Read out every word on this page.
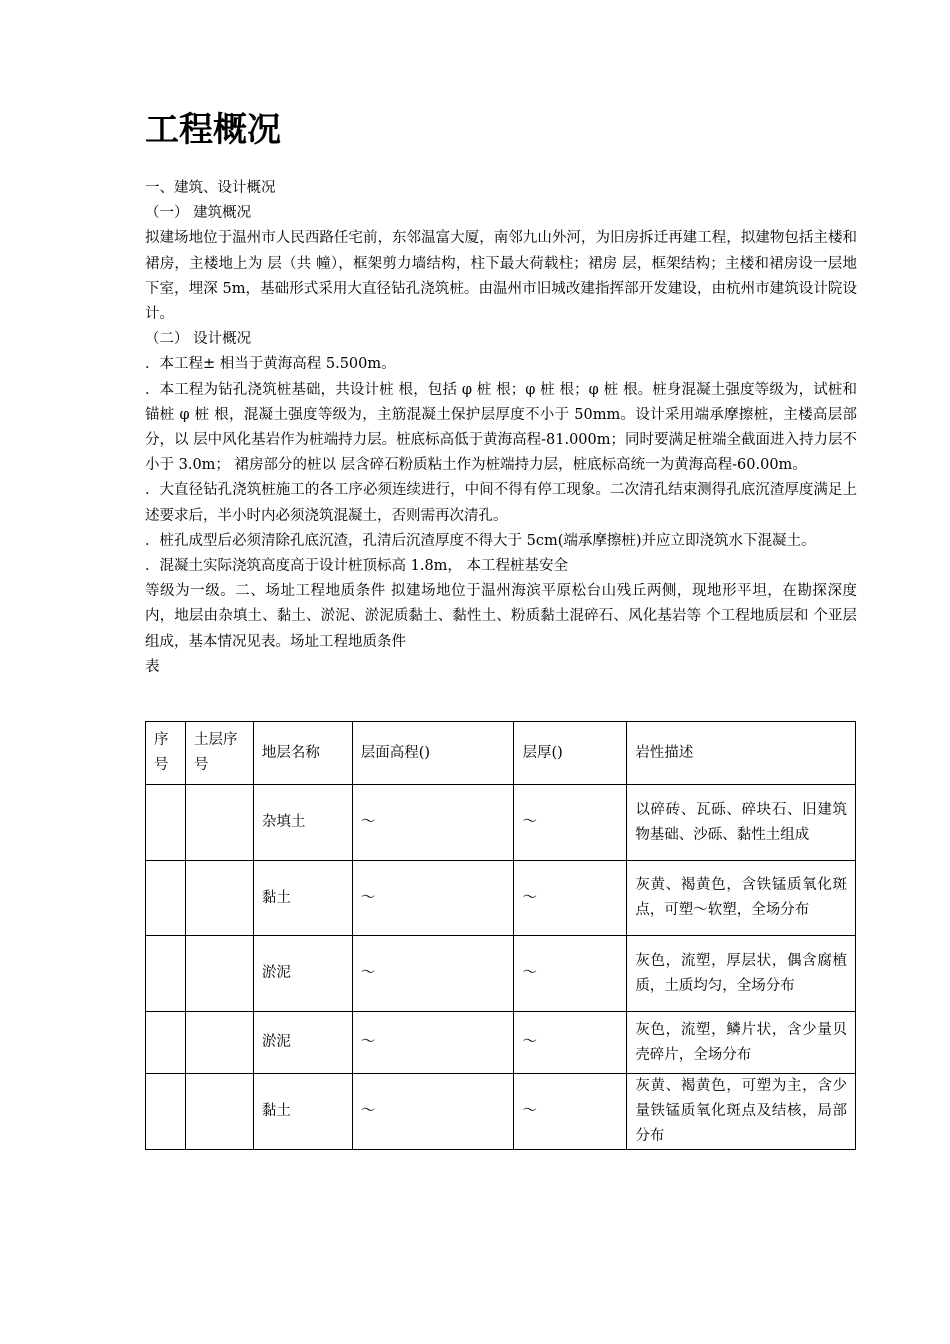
工程概况

一、建筑、设计概况

（一） 建筑概况

拟建场地位于温州市人民西路任宅前，东邻温富大厦，南邻九山外河，为旧房拆迁再建工程，拟建物包括主楼和裙房，主楼地上为 层（共 幢），框架剪力墙结构，柱下最大荷载柱；裙房 层，框架结构；主楼和裙房设一层地下室，埋深 5m，基础形式采用大直径钻孔浇筑桩。由温州市旧城改建指挥部开发建设，由杭州市建筑设计院设计。

（二） 设计概况

．本工程± 相当于黄海高程 5.500m。

．本工程为钻孔浇筑桩基础，共设计桩 根，包括 φ 桩 根；φ 桩 根；φ 桩 根。桩身混凝土强度等级为，试桩和锚桩 φ 桩 根，混凝土强度等级为，主筋混凝土保护层厚度不小于 50mm。设计采用端承摩擦桩，主楼高层部分，以 层中风化基岩作为桩端持力层。桩底标高低于黄海高程-81.000m；同时要满足桩端全截面进入持力层不小于 3.0m； 裙房部分的桩以 层含碎石粉质粘土作为桩端持力层，桩底标高统一为黄海高程-60.00m。

．大直径钻孔浇筑桩施工的各工序必须连续进行，中间不得有停工现象。二次清孔结束测得孔底沉渣厚度满足上述要求后，半小时内必须浇筑混凝土，否则需再次清孔。

．桩孔成型后必须清除孔底沉渣，孔清后沉渣厚度不得大于 5cm(端承摩擦桩)并应立即浇筑水下混凝土。

．混凝土实际浇筑高度高于设计桩顶标高 1.8m， 本工程桩基安全

等级为一级。二、场址工程地质条件 拟建场地位于温州海滨平原松台山残丘两侧，现地形平坦，在勘探深度内，地层由杂填土、黏土、淤泥、淤泥质黏土、黏性土、粉质黏土混碎石、风化基岩等 个工程地质层和 个亚层组成，基本情况见表。场址工程地质条件

表

序号	土层序号	地层名称	层面高程()	层厚()	岩性描述
		杂填土	～	～	以碎砖、瓦砾、碎块石、旧建筑物基础、沙砾、黏性土组成
		黏土	～	～	灰黄、褐黄色，含铁锰质氧化斑点，可塑～软塑，全场分布
		淤泥	～	～	灰色，流塑，厚层状，偶含腐植质，土质均匀，全场分布
		淤泥	～	～	灰色，流塑，鳞片状，含少量贝壳碎片，全场分布
		黏土	～	～	灰黄、褐黄色，可塑为主，含少量铁锰质氧化斑点及结核，局部分布
